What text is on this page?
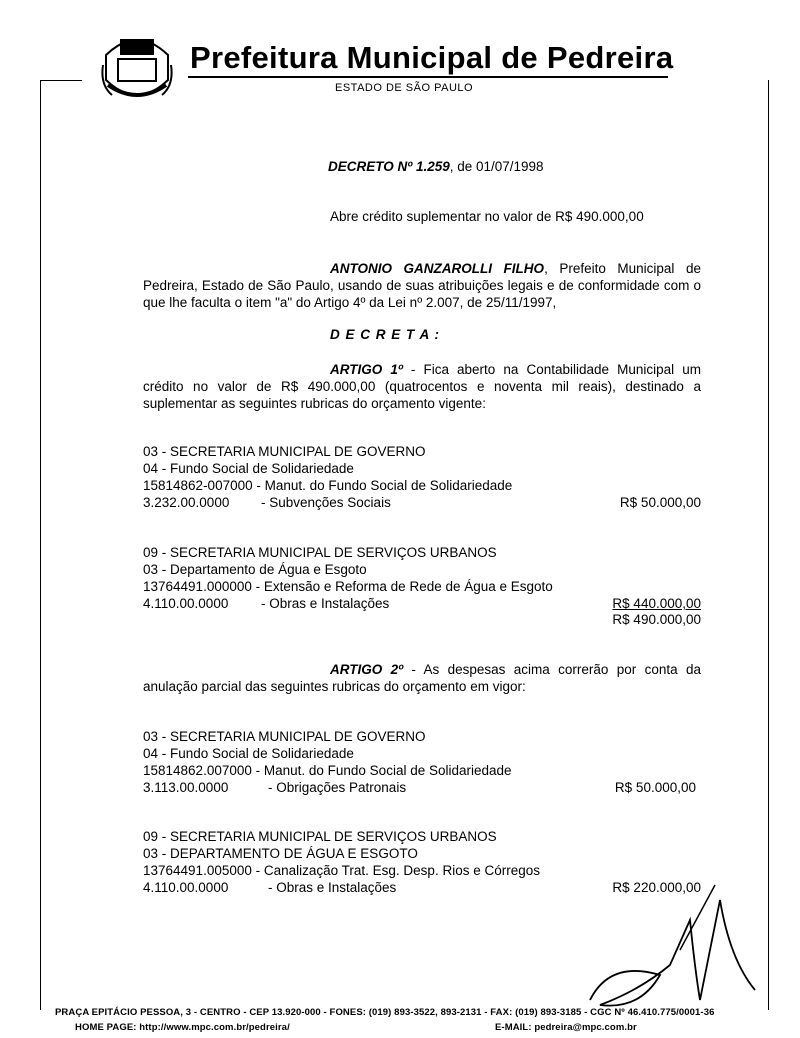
Prefeitura Municipal de Pedreira
ESTADO DE SÃO PAULO
DECRETO Nº 1.259, de 01/07/1998
Abre crédito suplementar no valor de R$ 490.000,00
ANTONIO GANZAROLLI FILHO, Prefeito Municipal de Pedreira, Estado de São Paulo, usando de suas atribuições legais e de conformidade com o que lhe faculta o item "a" do Artigo 4º da Lei nº 2.007, de 25/11/1997,
D E C R E T A :
ARTIGO 1º - Fica aberto na Contabilidade Municipal um crédito no valor de R$ 490.000,00 (quatrocentos e noventa mil reais), destinado a suplementar as seguintes rubricas do orçamento vigente:
03 - SECRETARIA MUNICIPAL DE GOVERNO
04 - Fundo Social de Solidariedade
15814862-007000 - Manut. do Fundo Social de Solidariedade
3.232.00.0000 - Subvenções Sociais	R$ 50.000,00
09 - SECRETARIA MUNICIPAL DE SERVIÇOS URBANOS
03 - Departamento de Água e Esgoto
13764491.000000 - Extensão e Reforma de Rede de Água e Esgoto
4.110.00.0000 - Obras e Instalações	R$ 440.000,00
R$ 490.000,00
ARTIGO 2º - As despesas acima correrão por conta da anulação parcial das seguintes rubricas do orçamento em vigor:
03 - SECRETARIA MUNICIPAL DE GOVERNO
04 - Fundo Social de Solidariedade
15814862.007000 - Manut. do Fundo Social de Solidariedade
3.113.00.0000	- Obrigações Patronais	R$ 50.000,00
09 - SECRETARIA MUNICIPAL DE SERVIÇOS URBANOS
03 - DEPARTAMENTO DE ÁGUA E ESGOTO
13764491.005000 - Canalização Trat. Esg. Desp. Rios e Córregos
4.110.00.0000	- Obras e Instalações	R$ 220.000,00
PRAÇA EPITÁCIO PESSOA, 3 - CENTRO - CEP 13.920-000 - FONES: (019) 893-3522, 893-2131 - FAX: (019) 893-3185 - CGC Nº 46.410.775/0001-36
HOME PAGE: http://www.mpc.com.br/pedreira/	E-MAIL: pedreira@mpc.com.br
